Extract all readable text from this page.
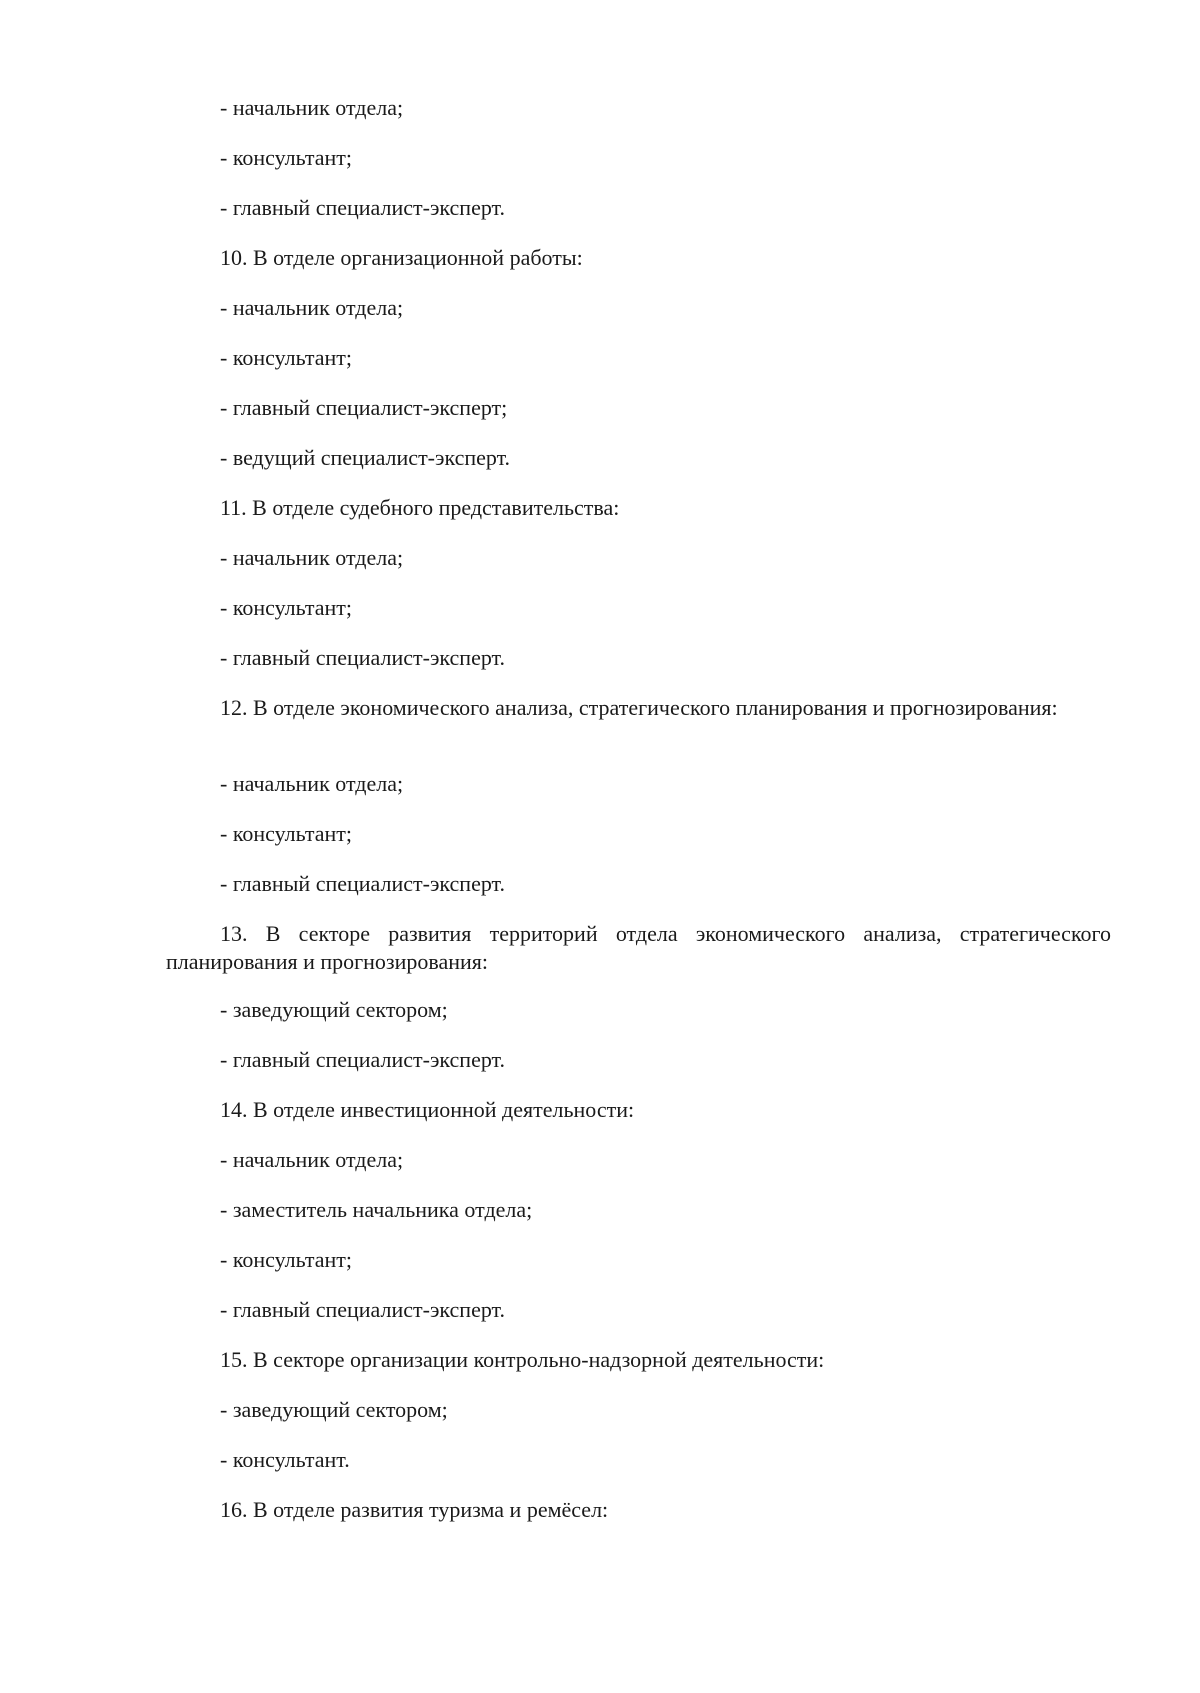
- начальник отдела;

- консультант;

- главный специалист-эксперт.

10. В отделе организационной работы:

- начальник отдела;

- консультант;

- главный специалист-эксперт;

- ведущий специалист-эксперт.

11. В отделе судебного представительства:

- начальник отдела;

- консультант;

- главный специалист-эксперт.

12. В отделе экономического анализа, стратегического планирования и прогнозирования:

- начальник отдела;

- консультант;

- главный специалист-эксперт.

13. В секторе развития территорий отдела экономического анализа, стратегического планирования и прогнозирования:

- заведующий сектором;

- главный специалист-эксперт.

14. В отделе инвестиционной деятельности:

- начальник отдела;

- заместитель начальника отдела;

- консультант;

- главный специалист-эксперт.

15. В секторе организации контрольно-надзорной деятельности:

- заведующий сектором;

- консультант.

16. В отделе развития туризма и ремёсел:
